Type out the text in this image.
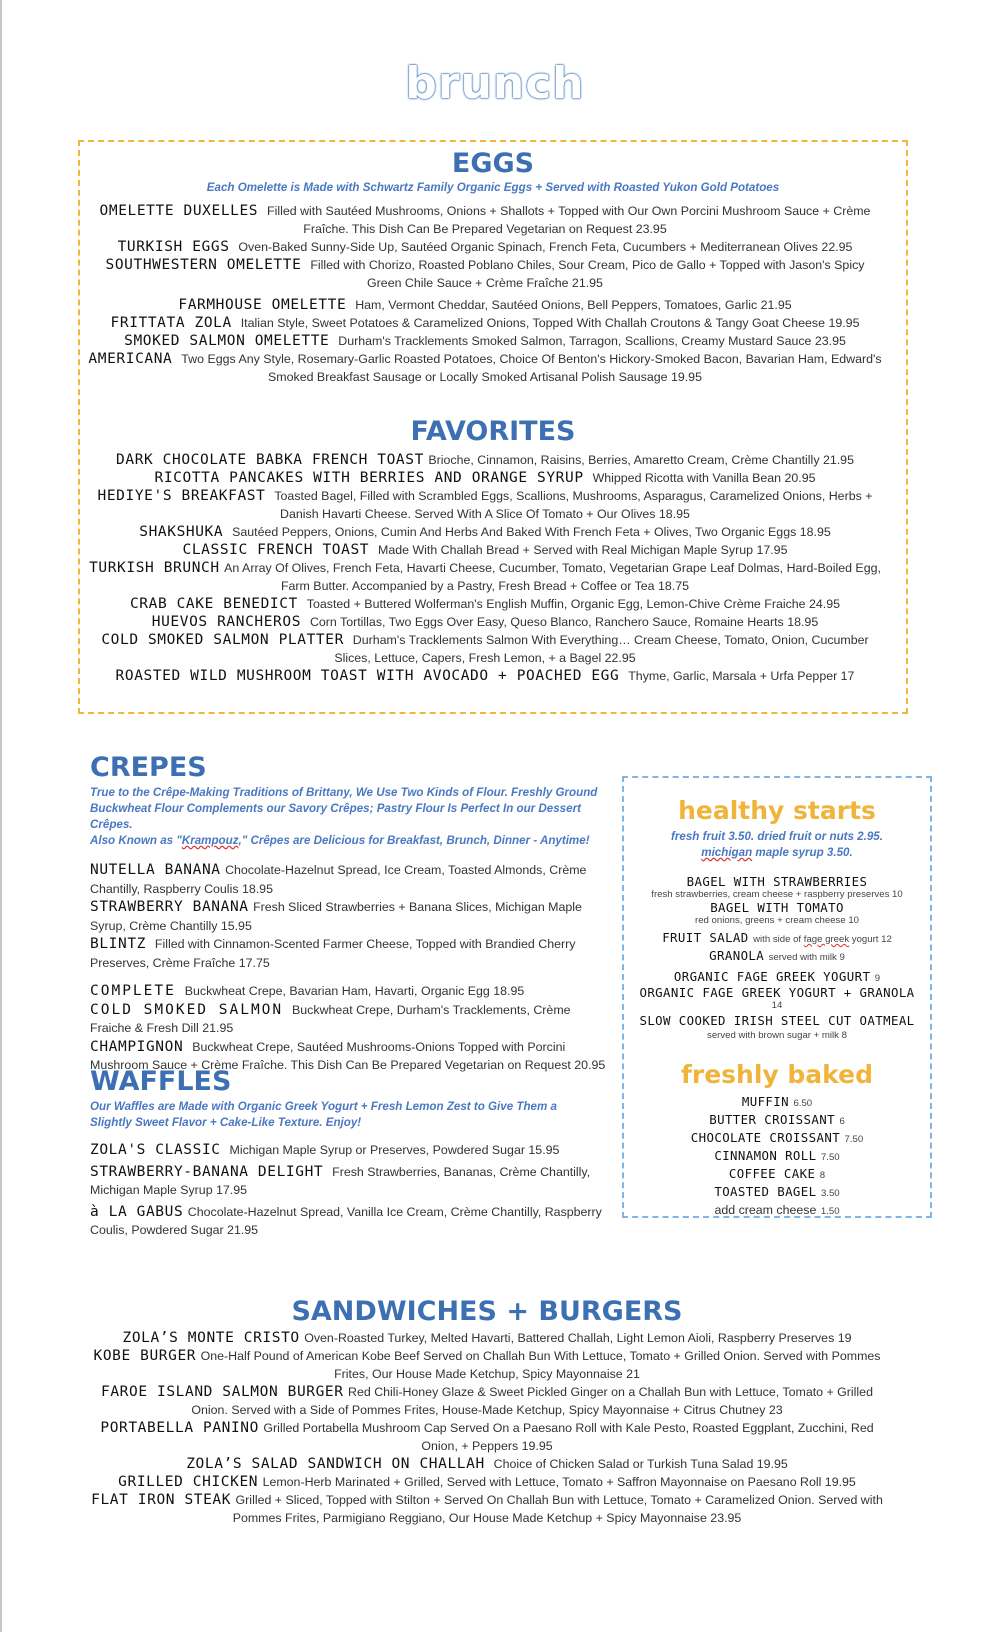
brunch
EGGS
Each Omelette is Made with Schwartz Family Organic Eggs + Served with Roasted Yukon Gold Potatoes

OMELETTE DUXELLES Filled with Sautéed Mushrooms, Onions + Shallots + Topped with Our Own Porcini Mushroom Sauce + Crème Fraîche. This Dish Can Be Prepared Vegetarian on Request 23.95

TURKISH EGGS Oven-Baked Sunny-Side Up, Sautéed Organic Spinach, French Feta, Cucumbers + Mediterranean Olives 22.95

SOUTHWESTERN OMELETTE Filled with Chorizo, Roasted Poblano Chiles, Sour Cream, Pico de Gallo + Topped with Jason's Spicy Green Chile Sauce + Crème Fraîche 21.95

FARMHOUSE OMELETTE Ham, Vermont Cheddar, Sautéed Onions, Bell Peppers, Tomatoes, Garlic 21.95

FRITTATA ZOLA Italian Style, Sweet Potatoes & Caramelized Onions, Topped With Challah Croutons & Tangy Goat Cheese 19.95

SMOKED SALMON OMELETTE Durham's Tracklements Smoked Salmon, Tarragon, Scallions, Creamy Mustard Sauce 23.95

AMERICANA Two Eggs Any Style, Rosemary-Garlic Roasted Potatoes, Choice Of Benton's Hickory-Smoked Bacon, Bavarian Ham, Edward's Smoked Breakfast Sausage or Locally Smoked Artisanal Polish Sausage 19.95

FAVORITES

DARK CHOCOLATE BABKA FRENCH TOAST Brioche, Cinnamon, Raisins, Berries, Amaretto Cream, Crème Chantilly 21.95

RICOTTA PANCAKES WITH BERRIES AND ORANGE SYRUP Whipped Ricotta with Vanilla Bean 20.95

HEDIYE'S BREAKFAST Toasted Bagel, Filled with Scrambled Eggs, Scallions, Mushrooms, Asparagus, Caramelized Onions, Herbs + Danish Havarti Cheese. Served With A Slice Of Tomato + Our Olives 18.95

SHAKSHUKA Sautéed Peppers, Onions, Cumin And Herbs And Baked With French Feta + Olives, Two Organic Eggs 18.95

CLASSIC FRENCH TOAST Made With Challah Bread + Served with Real Michigan Maple Syrup 17.95

TURKISH BRUNCH An Array Of Olives, French Feta, Havarti Cheese, Cucumber, Tomato, Vegetarian Grape Leaf Dolmas, Hard-Boiled Egg, Farm Butter. Accompanied by a Pastry, Fresh Bread + Coffee or Tea 18.75

CRAB CAKE BENEDICT Toasted + Buttered Wolferman's English Muffin, Organic Egg, Lemon-Chive Crème Fraiche 24.95

HUEVOS RANCHEROS Corn Tortillas, Two Eggs Over Easy, Queso Blanco, Ranchero Sauce, Romaine Hearts 18.95

COLD SMOKED SALMON PLATTER Durham's Tracklements Salmon With Everything… Cream Cheese, Tomato, Onion, Cucumber Slices, Lettuce, Capers, Fresh Lemon, + a Bagel 22.95

ROASTED WILD MUSHROOM TOAST WITH AVOCADO + POACHED EGG Thyme, Garlic, Marsala + Urfa Pepper 17

CREPES
True to the Crêpe-Making Traditions of Brittany, We Use Two Kinds of Flour. Freshly Ground
Buckwheat Flour Complements our Savory Crêpes; Pastry Flour Is Perfect In our Dessert Crêpes.
Also Known as "Krampouz," Crêpes are Delicious for Breakfast, Brunch, Dinner - Anytime!

NUTELLA BANANA Chocolate-Hazelnut Spread, Ice Cream, Toasted Almonds, Crème Chantilly, Raspberry Coulis 18.95

STRAWBERRY BANANA Fresh Sliced Strawberries + Banana Slices, Michigan Maple Syrup, Crème Chantilly 15.95

BLINTZ Filled with Cinnamon-Scented Farmer Cheese, Topped with Brandied Cherry Preserves, Crème Fraîche 17.75

COMPLETE Buckwheat Crepe, Bavarian Ham, Havarti, Organic Egg 18.95

COLD SMOKED SALMON Buckwheat Crepe, Durham's Tracklements, Crème Fraiche & Fresh Dill 21.95

CHAMPIGNON Buckwheat Crepe, Sautéed Mushrooms-Onions Topped with Porcini Mushroom Sauce + Crème Fraîche. This Dish Can Be Prepared Vegetarian on Request 20.95

WAFFLES
Our Waffles are Made with Organic Greek Yogurt + Fresh Lemon Zest to Give Them a Slightly Sweet Flavor + Cake-Like Texture. Enjoy!

ZOLA'S CLASSIC Michigan Maple Syrup or Preserves, Powdered Sugar 15.95

STRAWBERRY-BANANA DELIGHT Fresh Strawberries, Bananas, Crème Chantilly, Michigan Maple Syrup 17.95

à LA GABUS Chocolate-Hazelnut Spread, Vanilla Ice Cream, Crème Chantilly, Raspberry Coulis, Powdered Sugar 21.95

healthy starts
fresh fruit 3.50. dried fruit or nuts 2.95.
michigan maple syrup 3.50.
BAGEL WITH STRAWBERRIES
fresh strawberries, cream cheese + raspberry preserves 10
BAGEL WITH TOMATO
red onions, greens + cream cheese 10
FRUIT SALAD with side of fage greek yogurt 12
GRANOLA served with milk 9
ORGANIC FAGE GREEK YOGURT 9
ORGANIC FAGE GREEK YOGURT + GRANOLA
14
SLOW COOKED IRISH STEEL CUT OATMEAL
served with brown sugar + milk 8
freshly baked
MUFFIN 6.50
BUTTER CROISSANT 6
CHOCOLATE CROISSANT 7.50
CINNAMON ROLL 7.50
COFFEE CAKE 8
TOASTED BAGEL 3.50
add cream cheese 1.50
SANDWICHES + BURGERS

ZOLA’S MONTE CRISTO Oven-Roasted Turkey, Melted Havarti, Battered Challah, Light Lemon Aioli, Raspberry Preserves 19

KOBE BURGER One-Half Pound of American Kobe Beef Served on Challah Bun With Lettuce, Tomato + Grilled Onion. Served with Pommes Frites, Our House Made Ketchup, Spicy Mayonnaise 21

FAROE ISLAND SALMON BURGER Red Chili-Honey Glaze & Sweet Pickled Ginger on a Challah Bun with Lettuce, Tomato + Grilled Onion. Served with a Side of Pommes Frites, House-Made Ketchup, Spicy Mayonnaise + Citrus Chutney 23

PORTABELLA PANINO Grilled Portabella Mushroom Cap Served On a Paesano Roll with Kale Pesto, Roasted Eggplant, Zucchini, Red Onion, + Peppers 19.95

ZOLA’S SALAD SANDWICH ON CHALLAH Choice of Chicken Salad or Turkish Tuna Salad 19.95

GRILLED CHICKEN Lemon-Herb Marinated + Grilled, Served with Lettuce, Tomato + Saffron Mayonnaise on Paesano Roll 19.95

FLAT IRON STEAK Grilled + Sliced, Topped with Stilton + Served On Challah Bun with Lettuce, Tomato + Caramelized Onion. Served with Pommes Frites, Parmigiano Reggiano, Our House Made Ketchup + Spicy Mayonnaise 23.95
